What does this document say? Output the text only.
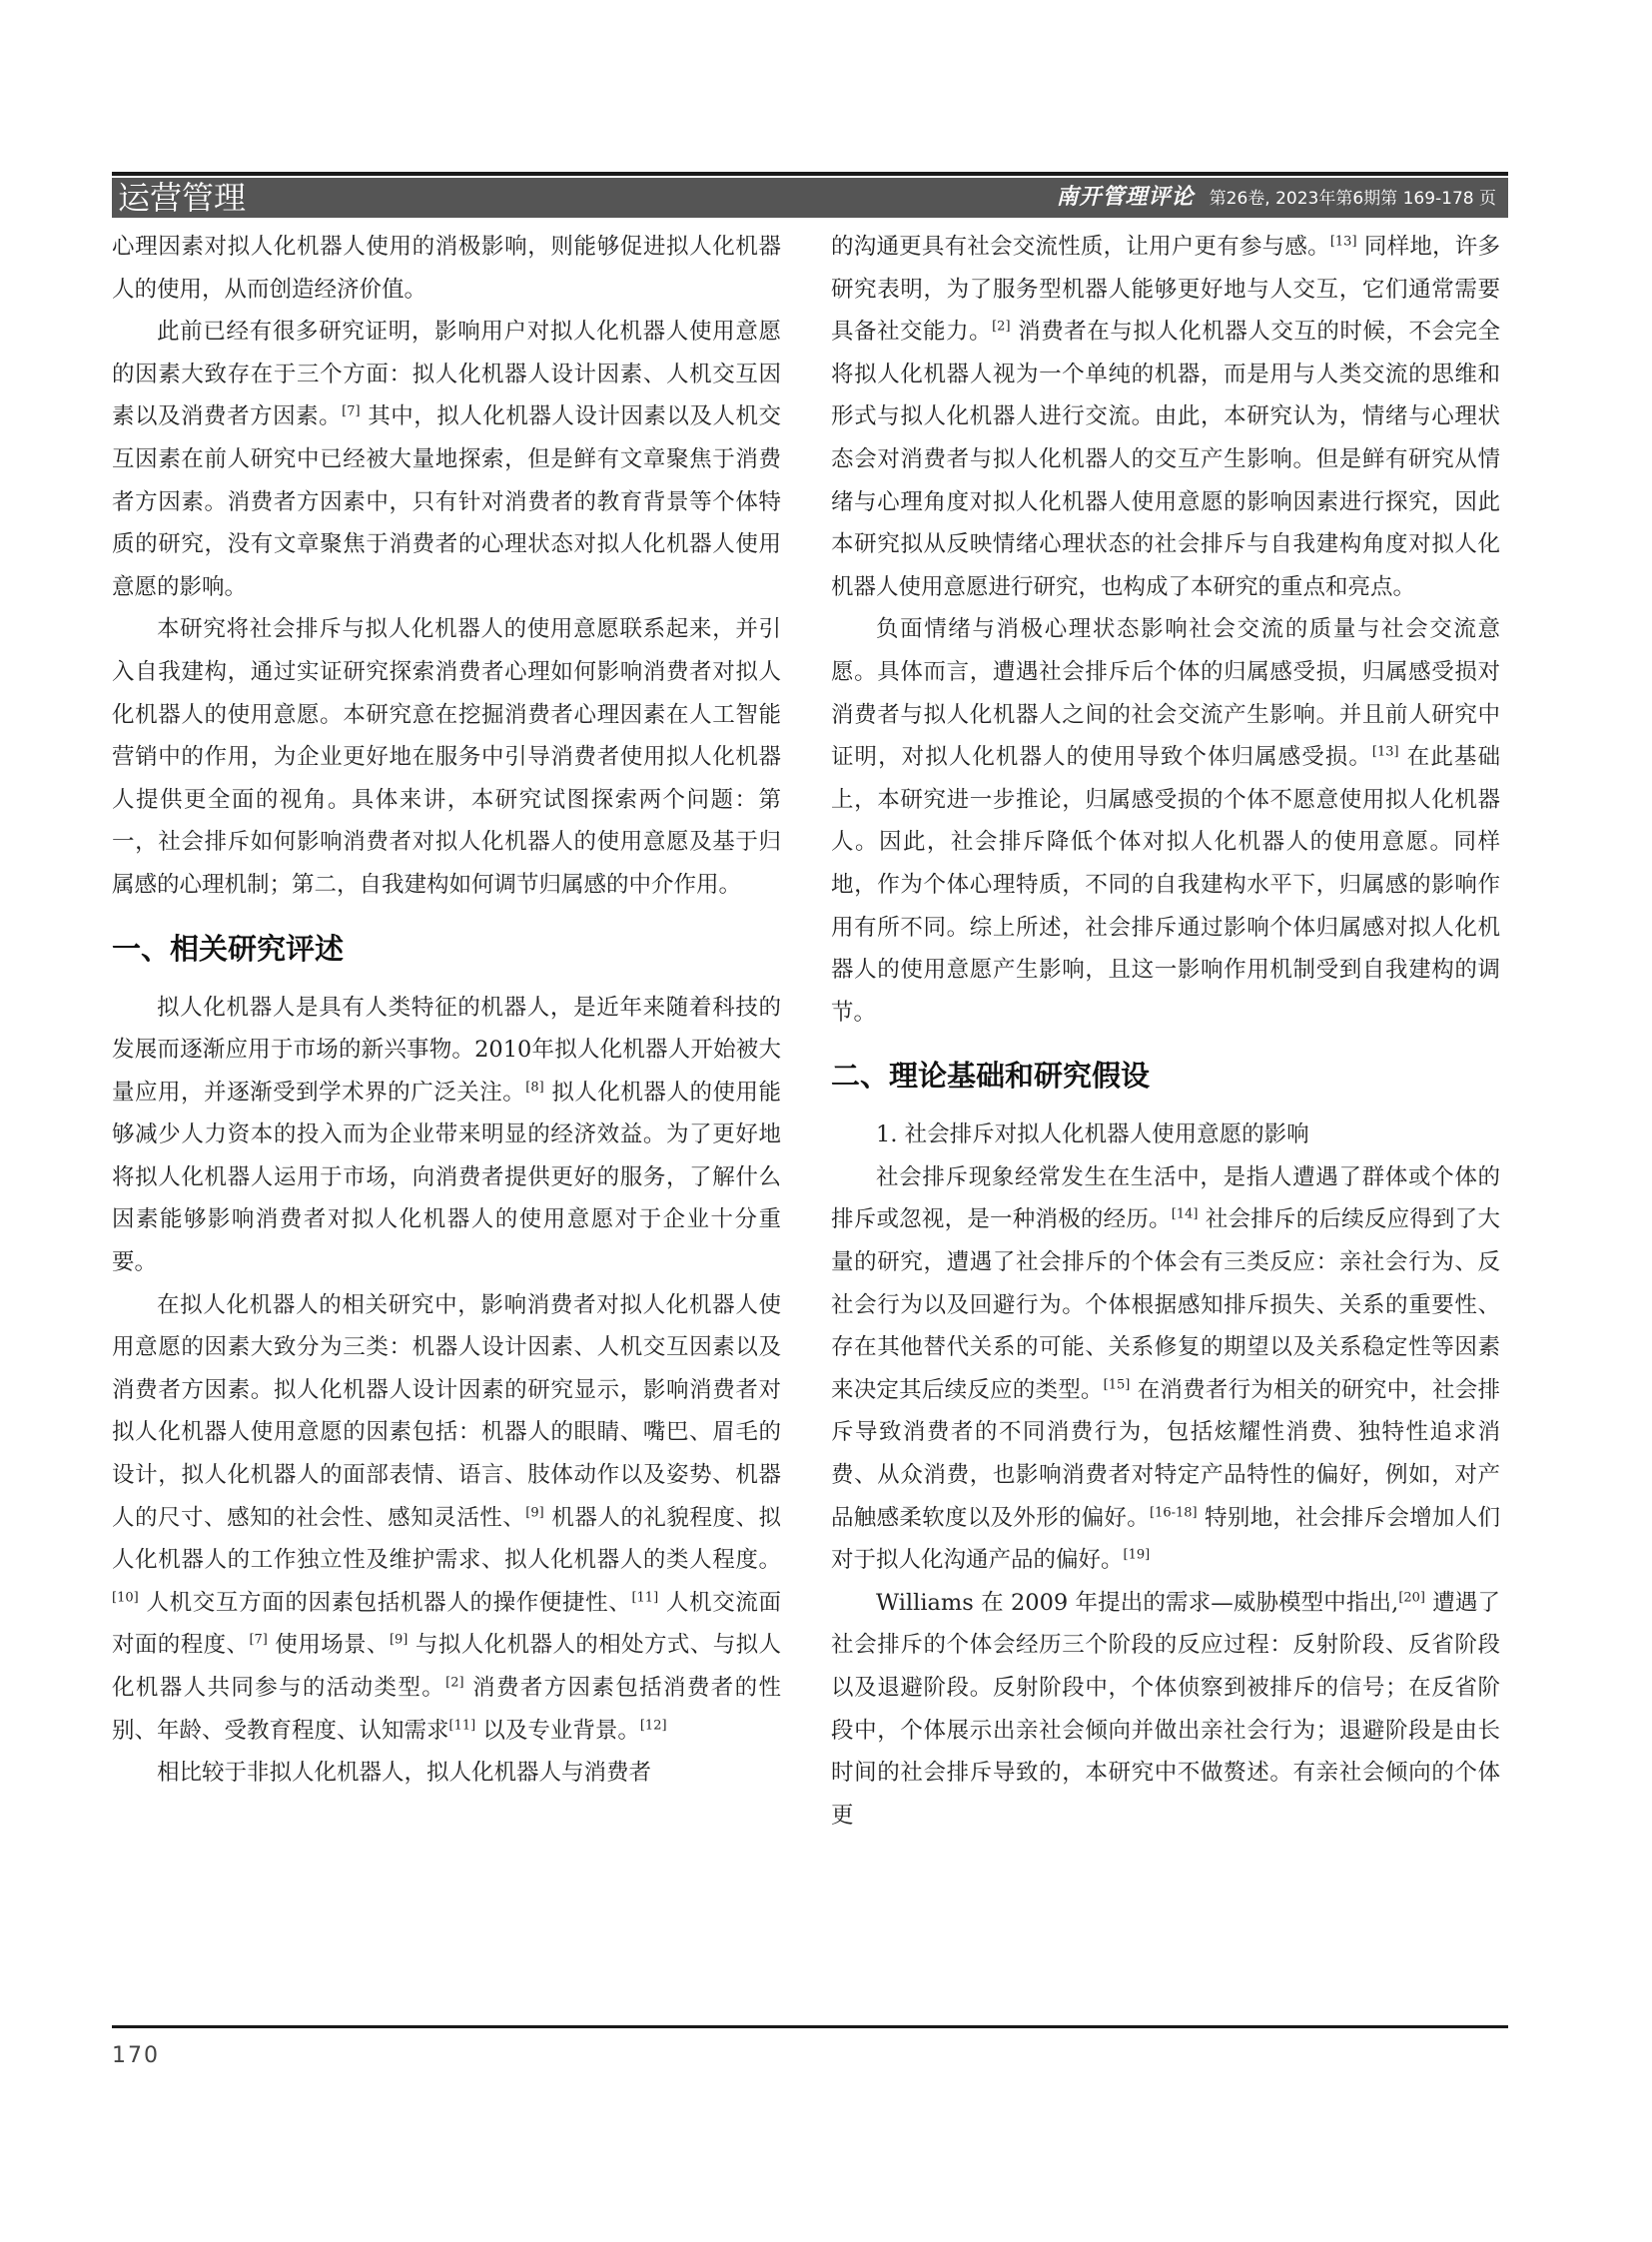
运营管理	南开管理评论 第26卷, 2023年第6期第 169-178 页

心理因素对拟人化机器人使用的消极影响，则能够促进拟人化机器人的使用，从而创造经济价值。

此前已经有很多研究证明，影响用户对拟人化机器人使用意愿的因素大致存在于三个方面：拟人化机器人设计因素、人机交互因素以及消费者方因素。[7] 其中，拟人化机器人设计因素以及人机交互因素在前人研究中已经被大量地探索，但是鲜有文章聚焦于消费者方因素。消费者方因素中，只有针对消费者的教育背景等个体特质的研究，没有文章聚焦于消费者的心理状态对拟人化机器人使用意愿的影响。

本研究将社会排斥与拟人化机器人的使用意愿联系起来，并引入自我建构，通过实证研究探索消费者心理如何影响消费者对拟人化机器人的使用意愿。本研究意在挖掘消费者心理因素在人工智能营销中的作用，为企业更好地在服务中引导消费者使用拟人化机器人提供更全面的视角。具体来讲，本研究试图探索两个问题：第一，社会排斥如何影响消费者对拟人化机器人的使用意愿及基于归属感的心理机制；第二，自我建构如何调节归属感的中介作用。

一、相关研究评述

拟人化机器人是具有人类特征的机器人，是近年来随着科技的发展而逐渐应用于市场的新兴事物。2010年拟人化机器人开始被大量应用，并逐渐受到学术界的广泛关注。[8] 拟人化机器人的使用能够减少人力资本的投入而为企业带来明显的经济效益。为了更好地将拟人化机器人运用于市场，向消费者提供更好的服务，了解什么因素能够影响消费者对拟人化机器人的使用意愿对于企业十分重要。

在拟人化机器人的相关研究中，影响消费者对拟人化机器人使用意愿的因素大致分为三类：机器人设计因素、人机交互因素以及消费者方因素。拟人化机器人设计因素的研究显示，影响消费者对拟人化机器人使用意愿的因素包括：机器人的眼睛、嘴巴、眉毛的设计，拟人化机器人的面部表情、语言、肢体动作以及姿势、机器人的尺寸、感知的社会性、感知灵活性、[9] 机器人的礼貌程度、拟人化机器人的工作独立性及维护需求、拟人化机器人的类人程度。[10] 人机交互方面的因素包括机器人的操作便捷性、[11] 人机交流面对面的程度、[7] 使用场景、[9] 与拟人化机器人的相处方式、与拟人化机器人共同参与的活动类型。[2] 消费者方因素包括消费者的性别、年龄、受教育程度、认知需求[11] 以及专业背景。[12]

相比较于非拟人化机器人，拟人化机器人与消费者

的沟通更具有社会交流性质，让用户更有参与感。[13] 同样地，许多研究表明，为了服务型机器人能够更好地与人交互，它们通常需要具备社交能力。[2] 消费者在与拟人化机器人交互的时候，不会完全将拟人化机器人视为一个单纯的机器，而是用与人类交流的思维和形式与拟人化机器人进行交流。由此，本研究认为，情绪与心理状态会对消费者与拟人化机器人的交互产生影响。但是鲜有研究从情绪与心理角度对拟人化机器人使用意愿的影响因素进行探究，因此本研究拟从反映情绪心理状态的社会排斥与自我建构角度对拟人化机器人使用意愿进行研究，也构成了本研究的重点和亮点。

负面情绪与消极心理状态影响社会交流的质量与社会交流意愿。具体而言，遭遇社会排斥后个体的归属感受损，归属感受损对消费者与拟人化机器人之间的社会交流产生影响。并且前人研究中证明，对拟人化机器人的使用导致个体归属感受损。[13] 在此基础上，本研究进一步推论，归属感受损的个体不愿意使用拟人化机器人。因此，社会排斥降低个体对拟人化机器人的使用意愿。同样地，作为个体心理特质，不同的自我建构水平下，归属感的影响作用有所不同。综上所述，社会排斥通过影响个体归属感对拟人化机器人的使用意愿产生影响，且这一影响作用机制受到自我建构的调节。

二、理论基础和研究假设
1. 社会排斥对拟人化机器人使用意愿的影响

社会排斥现象经常发生在生活中，是指人遭遇了群体或个体的排斥或忽视，是一种消极的经历。[14] 社会排斥的后续反应得到了大量的研究，遭遇了社会排斥的个体会有三类反应：亲社会行为、反社会行为以及回避行为。个体根据感知排斥损失、关系的重要性、存在其他替代关系的可能、关系修复的期望以及关系稳定性等因素来决定其后续反应的类型。[15] 在消费者行为相关的研究中，社会排斥导致消费者的不同消费行为，包括炫耀性消费、独特性追求消费、从众消费，也影响消费者对特定产品特性的偏好，例如，对产品触感柔软度以及外形的偏好。[16-18] 特别地，社会排斥会增加人们对于拟人化沟通产品的偏好。[19]

Williams 在 2009 年提出的需求—威胁模型中指出,[20] 遭遇了社会排斥的个体会经历三个阶段的反应过程：反射阶段、反省阶段以及退避阶段。反射阶段中，个体侦察到被排斥的信号；在反省阶段中，个体展示出亲社会倾向并做出亲社会行为；退避阶段是由长时间的社会排斥导致的，本研究中不做赘述。有亲社会倾向的个体更

170
